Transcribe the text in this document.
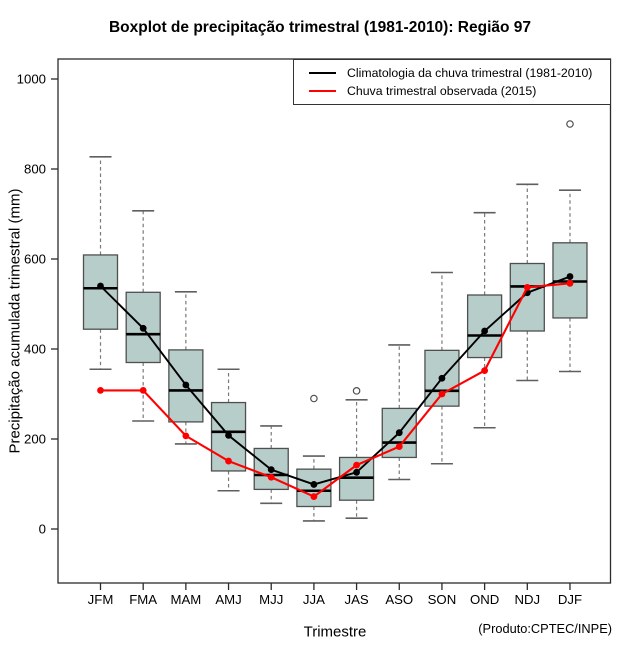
Boxplot de precipitação trimestral (1981-2010): Região 97
0
200
400
600
800
1000
JFM FMA MAM AMJ MJJ JJA JAS ASO SON OND NDJ DJF
Climatologia da chuva trimestral (1981-2010)
Chuva trimestral observada (2015)
Precipitação acumulada trimestral (mm)
Trimestre	(Produto:CPTEC/INPE)
